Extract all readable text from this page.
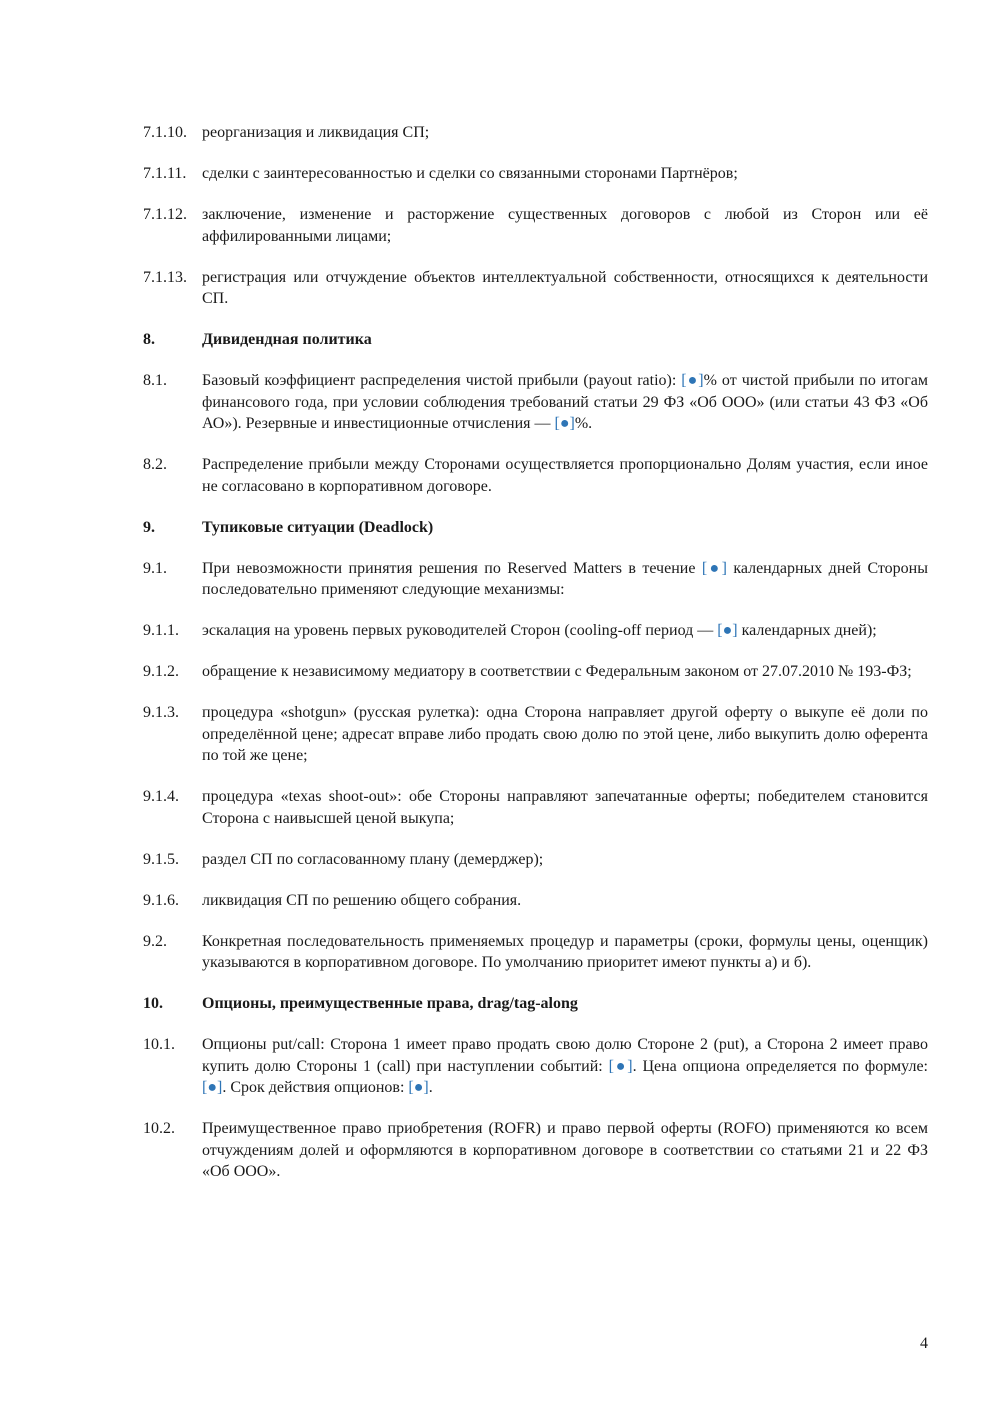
7.1.10. реорганизация и ликвидация СП;
7.1.11. сделки с заинтересованностью и сделки со связанными сторонами Партнёров;
7.1.12. заключение, изменение и расторжение существенных договоров с любой из Сторон или её аффилированными лицами;
7.1.13. регистрация или отчуждение объектов интеллектуальной собственности, относящихся к деятельности СП.
8.	Дивидендная политика
8.1.	Базовый коэффициент распределения чистой прибыли (payout ratio): [●]% от чистой прибыли по итогам финансового года, при условии соблюдения требований статьи 29 ФЗ «Об ООО» (или статьи 43 ФЗ «Об АО»). Резервные и инвестиционные отчисления — [●]%.
8.2.	Распределение прибыли между Сторонами осуществляется пропорционально Долям участия, если иное не согласовано в корпоративном договоре.
9.	Тупиковые ситуации (Deadlock)
9.1.	При невозможности принятия решения по Reserved Matters в течение [●] календарных дней Стороны последовательно применяют следующие механизмы:
9.1.1.	эскалация на уровень первых руководителей Сторон (cooling-off период — [●] календарных дней);
9.1.2.	обращение к независимому медиатору в соответствии с Федеральным законом от 27.07.2010 № 193-ФЗ;
9.1.3.	процедура «shotgun» (русская рулетка): одна Сторона направляет другой оферту о выкупе её доли по определённой цене; адресат вправе либо продать свою долю по этой цене, либо выкупить долю оферента по той же цене;
9.1.4.	процедура «texas shoot-out»: обе Стороны направляют запечатанные оферты; победителем становится Сторона с наивысшей ценой выкупа;
9.1.5.	раздел СП по согласованному плану (демерджер);
9.1.6.	ликвидация СП по решению общего собрания.
9.2.	Конкретная последовательность применяемых процедур и параметры (сроки, формулы цены, оценщик) указываются в корпоративном договоре. По умолчанию приоритет имеют пункты а) и б).
10.	Опционы, преимущественные права, drag/tag-along
10.1.	Опционы put/call: Сторона 1 имеет право продать свою долю Стороне 2 (put), а Сторона 2 имеет право купить долю Стороны 1 (call) при наступлении событий: [●]. Цена опциона определяется по формуле: [●]. Срок действия опционов: [●].
10.2.	Преимущественное право приобретения (ROFR) и право первой оферты (ROFO) применяются ко всем отчуждениям долей и оформляются в корпоративном договоре в соответствии со статьями 21 и 22 ФЗ «Об ООО».
4
